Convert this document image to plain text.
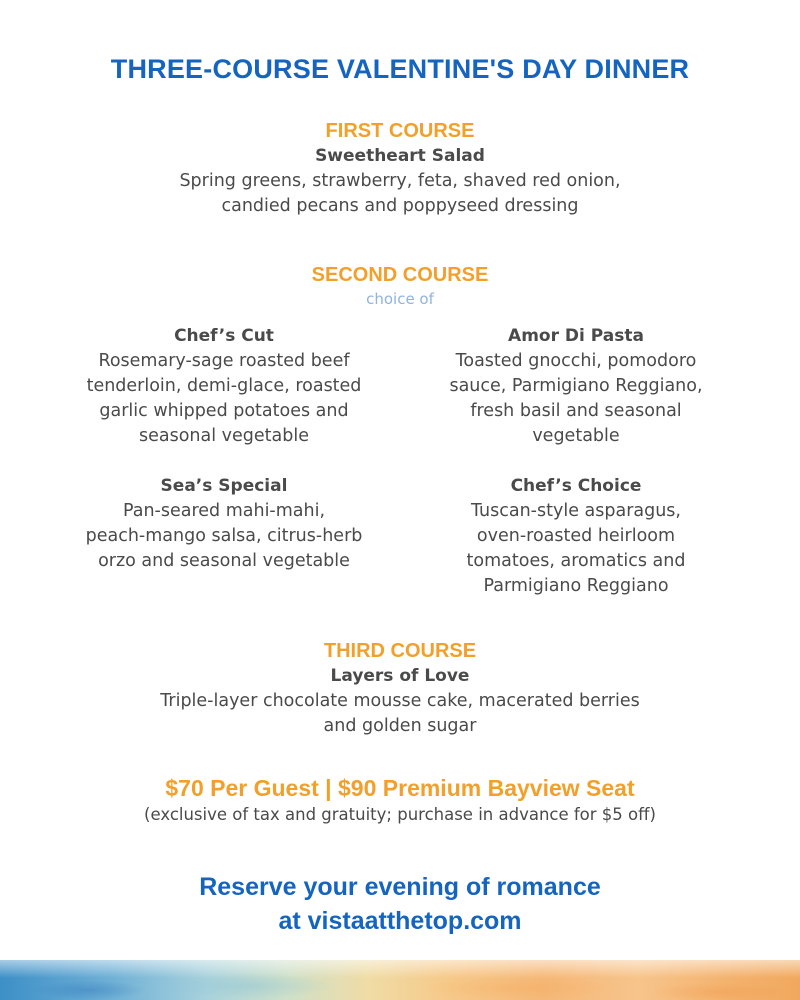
THREE-COURSE VALENTINE'S DAY DINNER
FIRST COURSE
Sweetheart Salad
Spring greens, strawberry, feta, shaved red onion,
candied pecans and poppyseed dressing
SECOND COURSE
choice of
Chef’s Cut
Rosemary-sage roasted beef
tenderloin, demi-glace, roasted
garlic whipped potatoes and
seasonal vegetable
Amor Di Pasta
Toasted gnocchi, pomodoro
sauce, Parmigiano Reggiano,
fresh basil and seasonal
vegetable
Sea’s Special
Pan-seared mahi-mahi,
peach-mango salsa, citrus-herb
orzo and seasonal vegetable
Chef’s Choice
Tuscan-style asparagus,
oven-roasted heirloom
tomatoes, aromatics and
Parmigiano Reggiano
THIRD COURSE
Layers of Love
Triple-layer chocolate mousse cake, macerated berries
and golden sugar
$70 Per Guest | $90 Premium Bayview Seat
(exclusive of tax and gratuity; purchase in advance for $5 off)
Reserve your evening of romance
at vistaatthetop.com
